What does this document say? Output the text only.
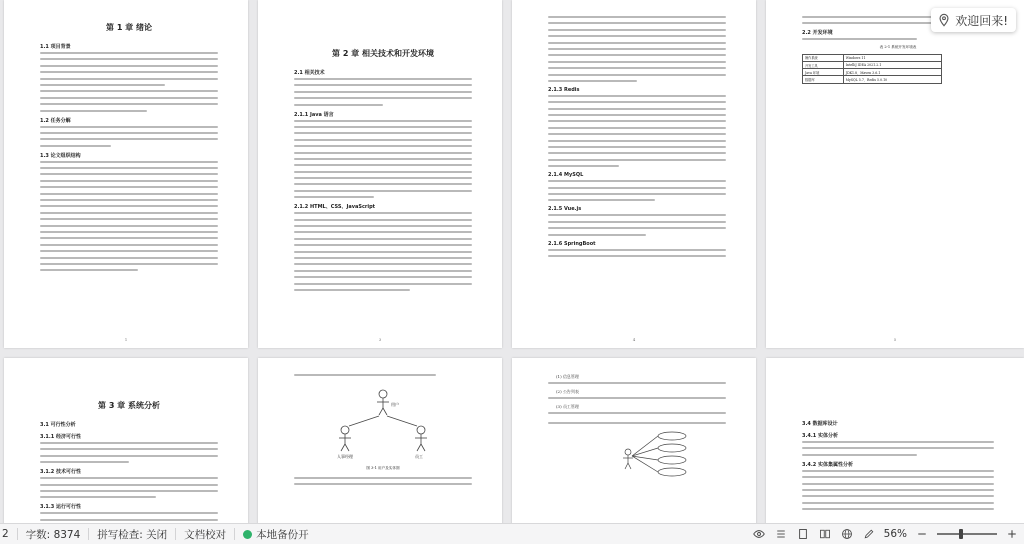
第 1 章 绪论
1.1 项目背景
1.2 任务分解
1.3 论文组织结构
1
第 2 章 相关技术和开发环境
2.1 相关技术
2.1.1 Java 语言
2.1.2 HTML、CSS、JavaScript
3
2.1.3 Redis
2.1.4 MySQL
2.1.5 Vue.js
2.1.6 SpringBoot
4
2.2 开发环境
表 2-1 系统开发环境表
操作系统	Windows 11
开发工具	IntelliJ IDEA 2021.2.1
Java 环境	JDK1.8、Maven 3.6.1
数据库	MySQL 5.7、Redis 5.0.10
5
第 3 章 系统分析
3.1 可行性分析
3.1.1 经济可行性
3.1.2 技术可行性
3.1.3 运行可行性
用户
人事经理	员工
图 3-1 用户及实体图
(1) 信息管理
(2) 公告列表
(3) 员工管理
3.4 数据库设计
3.4.1 实体分析
3.4.2 实体集属性分析
欢迎回来!
2	字数: 8374	拼写检查: 关闭	文档校对	本地备份开	56%
